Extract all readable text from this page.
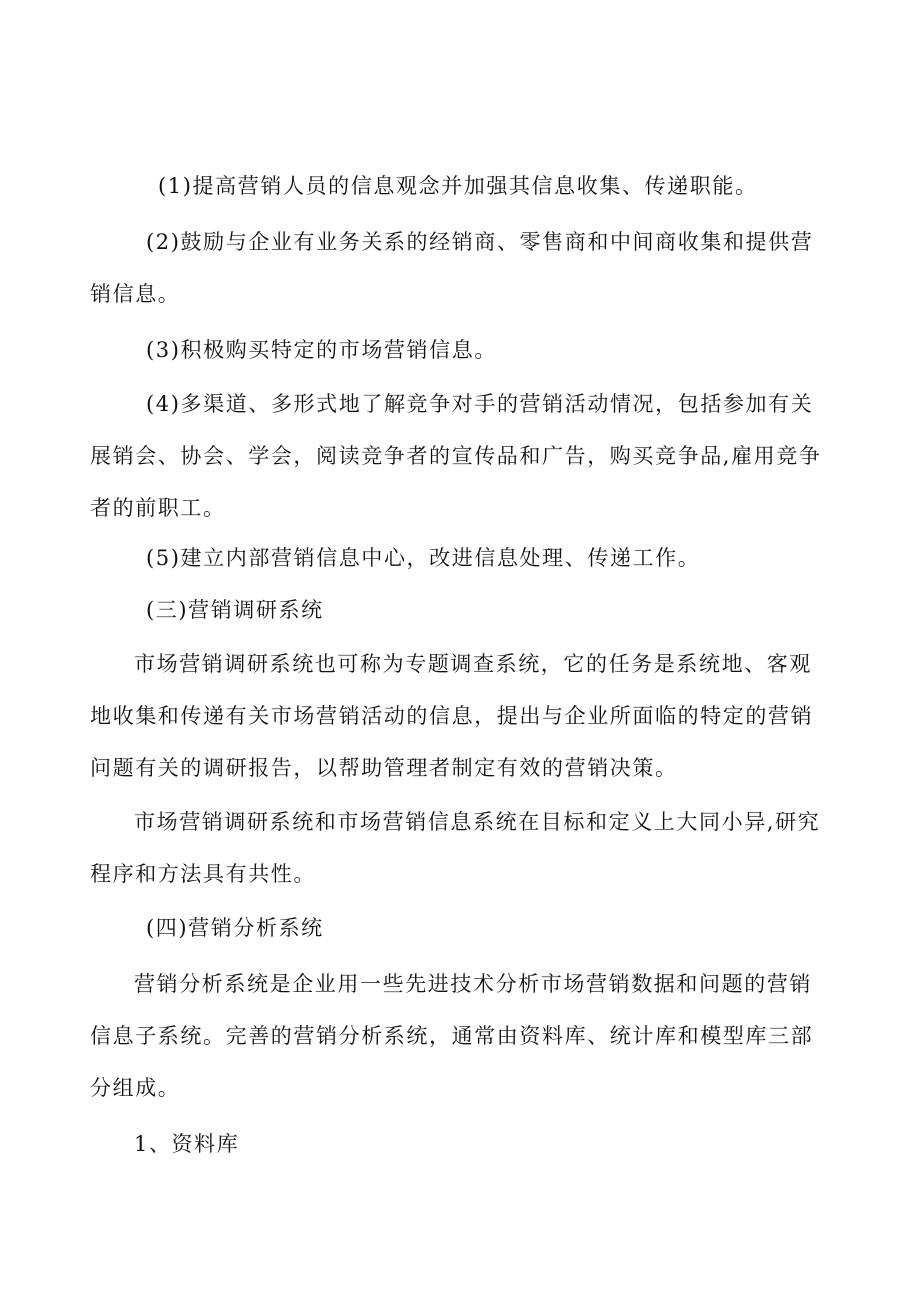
(1)提高营销人员的信息观念并加强其信息收集、传递职能。

(2)鼓励与企业有业务关系的经销商、零售商和中间商收集和提供营销信息。

(3)积极购买特定的市场营销信息。

(4)多渠道、多形式地了解竞争对手的营销活动情况，包括参加有关展销会、协会、学会，阅读竞争者的宣传品和广告，购买竞争品,雇用竞争者的前职工。

(5)建立内部营销信息中心，改进信息处理、传递工作。

(三)营销调研系统

市场营销调研系统也可称为专题调查系统，它的任务是系统地、客观地收集和传递有关市场营销活动的信息，提出与企业所面临的特定的营销问题有关的调研报告，以帮助管理者制定有效的营销决策。

市场营销调研系统和市场营销信息系统在目标和定义上大同小异,研究程序和方法具有共性。

(四)营销分析系统

营销分析系统是企业用一些先进技术分析市场营销数据和问题的营销信息子系统。完善的营销分析系统，通常由资料库、统计库和模型库三部分组成。

1、资料库
